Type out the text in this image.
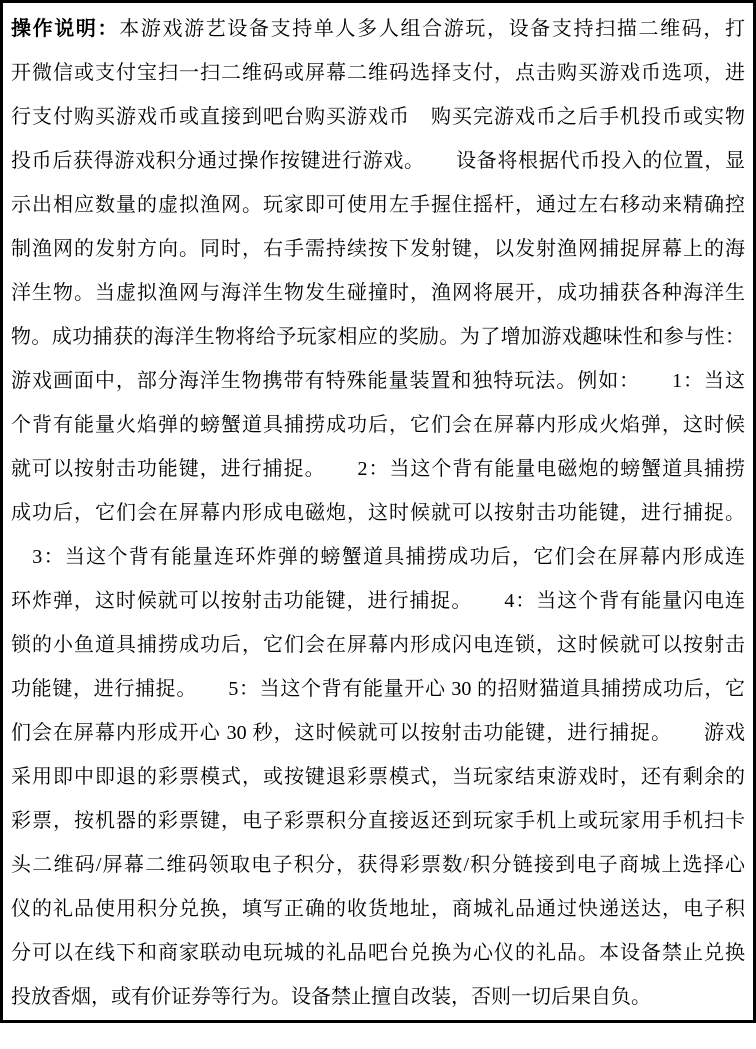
操作说明：本游戏游艺设备支持单人多人组合游玩，设备支持扫描二维码，打
开微信或支付宝扫一扫二维码或屏幕二维码选择支付，点击购买游戏币选项，进
行支付购买游戏币或直接到吧台购买游戏币　购买完游戏币之后手机投币或实物
投币后获得游戏积分通过操作按键进行游戏。　　设备将根据代币投入的位置，显
示出相应数量的虚拟渔网。玩家即可使用左手握住摇杆，通过左右移动来精确控
制渔网的发射方向。同时，右手需持续按下发射键，以发射渔网捕捉屏幕上的海
洋生物。当虚拟渔网与海洋生物发生碰撞时，渔网将展开，成功捕获各种海洋生
物。成功捕获的海洋生物将给予玩家相应的奖励。为了增加游戏趣味性和参与性：
游戏画面中，部分海洋生物携带有特殊能量装置和独特玩法。例如：　　1：当这
个背有能量火焰弹的螃蟹道具捕捞成功后，它们会在屏幕内形成火焰弹，这时候
就可以按射击功能键，进行捕捉。　　2：当这个背有能量电磁炮的螃蟹道具捕捞
成功后，它们会在屏幕内形成电磁炮，这时候就可以按射击功能键，进行捕捉。
　3：当这个背有能量连环炸弹的螃蟹道具捕捞成功后，它们会在屏幕内形成连
环炸弹，这时候就可以按射击功能键，进行捕捉。　　4：当这个背有能量闪电连
锁的小鱼道具捕捞成功后，它们会在屏幕内形成闪电连锁，这时候就可以按射击
功能键，进行捕捉。　　5：当这个背有能量开心 30 的招财猫道具捕捞成功后，它
们会在屏幕内形成开心 30 秒，这时候就可以按射击功能键，进行捕捉。　　游戏
采用即中即退的彩票模式，或按键退彩票模式，当玩家结束游戏时，还有剩余的
彩票，按机器的彩票键，电子彩票积分直接返还到玩家手机上或玩家用手机扫卡
头二维码/屏幕二维码领取电子积分，获得彩票数/积分链接到电子商城上选择心
仪的礼品使用积分兑换，填写正确的收货地址，商城礼品通过快递送达，电子积
分可以在线下和商家联动电玩城的礼品吧台兑换为心仪的礼品。本设备禁止兑换
投放香烟，或有价证券等行为。设备禁止擅自改装，否则一切后果自负。
